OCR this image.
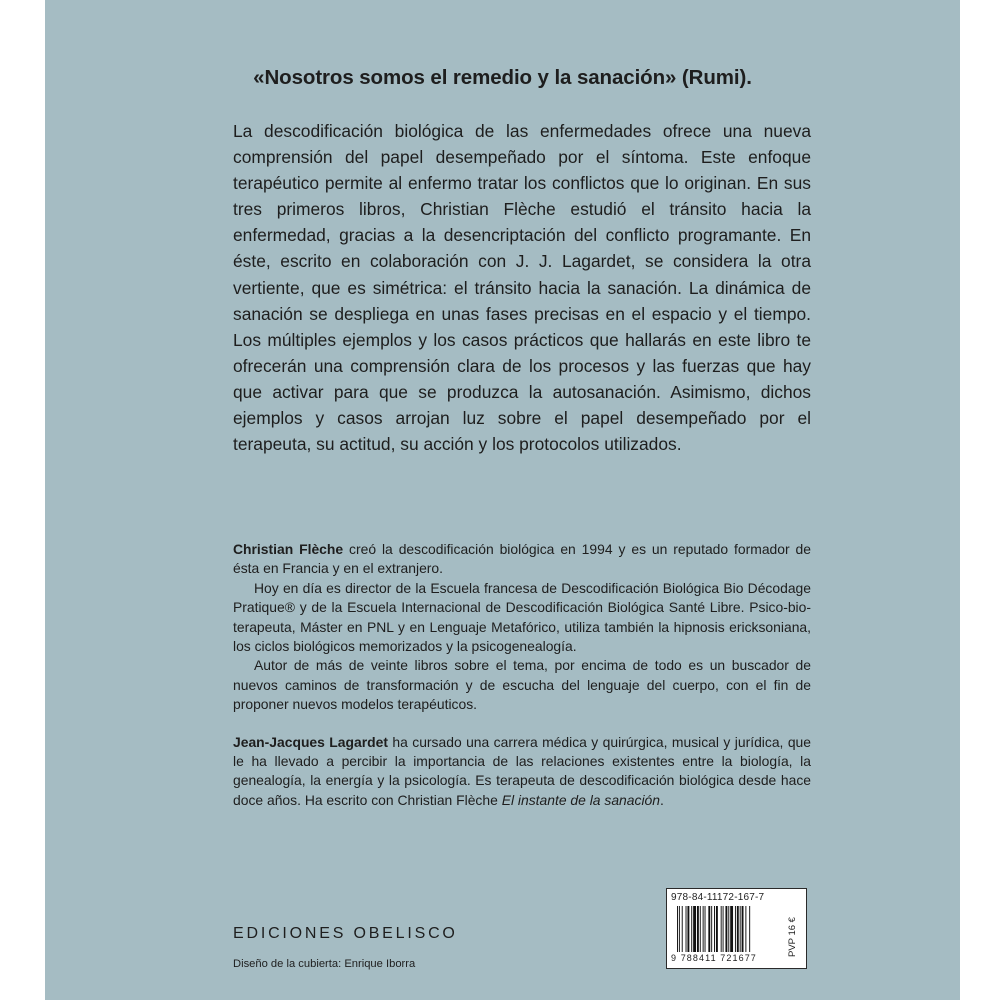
«Nosotros somos el remedio y la sanación» (Rumi).
La descodificación biológica de las enfermedades ofrece una nueva comprensión del papel desempeñado por el síntoma. Este enfoque terapéutico permite al enfermo tratar los conflictos que lo originan. En sus tres primeros libros, Christian Flèche estudió el tránsito hacia la enfermedad, gracias a la desencriptación del conflicto programante. En éste, escrito en colaboración con J. J. Lagardet, se considera la otra vertiente, que es simétrica: el tránsito hacia la sanación. La dinámica de sanación se despliega en unas fases precisas en el espacio y el tiempo. Los múltiples ejemplos y los casos prácticos que hallarás en este libro te ofrecerán una comprensión clara de los procesos y las fuerzas que hay que activar para que se produzca la autosanación. Asimismo, dichos ejemplos y casos arrojan luz sobre el papel desempeñado por el terapeuta, su actitud, su acción y los protocolos utilizados.

Christian Flèche creó la descodificación biológica en 1994 y es un reputado formador de ésta en Francia y en el extranjero.

Hoy en día es director de la Escuela francesa de Descodificación Biológica Bio Décodage Pratique® y de la Escuela Internacional de Descodificación Biológica Santé Libre. Psico-bio-terapeuta, Máster en PNL y en Lenguaje Metafórico, utiliza también la hipnosis ericksoniana, los ciclos biológicos memorizados y la psicogenealogía.

Autor de más de veinte libros sobre el tema, por encima de todo es un buscador de nuevos caminos de transformación y de escucha del lenguaje del cuerpo, con el fin de proponer nuevos modelos terapéuticos.

Jean-Jacques Lagardet ha cursado una carrera médica y quirúrgica, musical y jurídica, que le ha llevado a percibir la importancia de las relaciones existentes entre la biología, la genealogía, la energía y la psicología. Es terapeuta de descodificación biológica desde hace doce años. Ha escrito con Christian Flèche El instante de la sanación.

EDICIONES OBELISCO
Diseño de la cubierta: Enrique Iborra
978-84-11172-167-7
9 788411 721677
PVP 16 €
